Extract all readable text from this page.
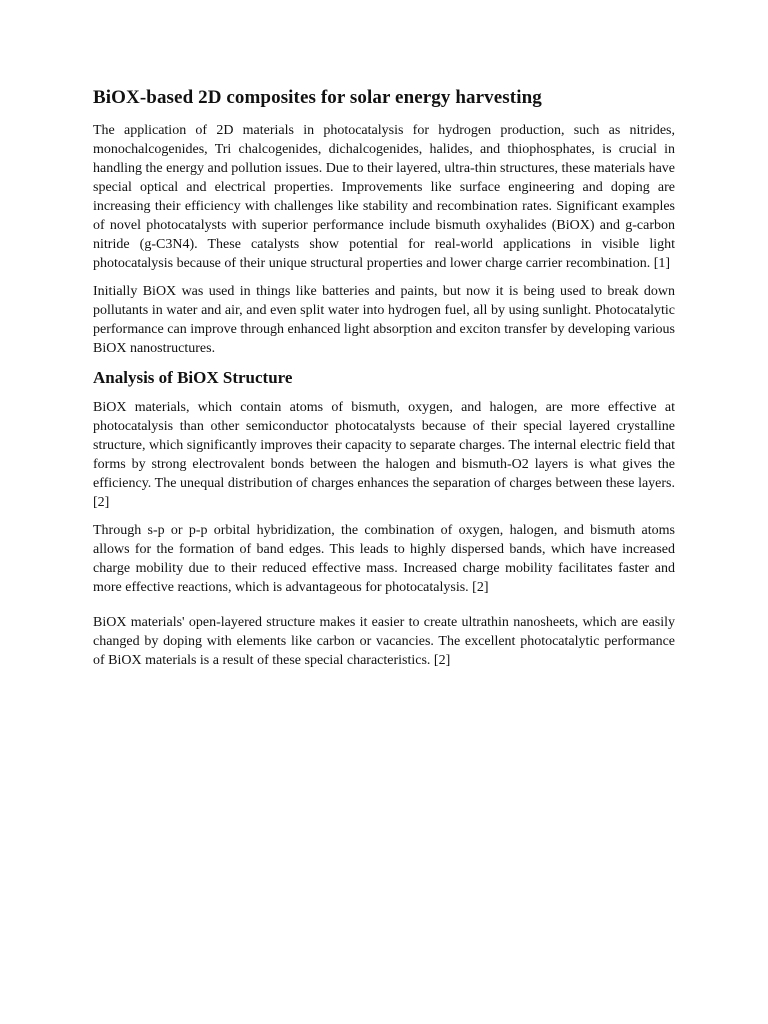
BiOX-based 2D composites for solar energy harvesting

The application of 2D materials in photocatalysis for hydrogen production, such as nitrides, monochalcogenides, Tri chalcogenides, dichalcogenides, halides, and thiophosphates, is crucial in handling the energy and pollution issues. Due to their layered, ultra-thin structures, these materials have special optical and electrical properties. Improvements like surface engineering and doping are increasing their efficiency with challenges like stability and recombination rates. Significant examples of novel photocatalysts with superior performance include bismuth oxyhalides (BiOX) and g-carbon nitride (g-C3N4). These catalysts show potential for real-world applications in visible light photocatalysis because of their unique structural properties and lower charge carrier recombination. [1]

Initially BiOX was used in things like batteries and paints, but now it is being used to break down pollutants in water and air, and even split water into hydrogen fuel, all by using sunlight. Photocatalytic performance can improve through enhanced light absorption and exciton transfer by developing various BiOX nanostructures.

Analysis of BiOX Structure

BiOX materials, which contain atoms of bismuth, oxygen, and halogen, are more effective at photocatalysis than other semiconductor photocatalysts because of their special layered crystalline structure, which significantly improves their capacity to separate charges. The internal electric field that forms by strong electrovalent bonds between the halogen and bismuth-O2 layers is what gives the efficiency. The unequal distribution of charges enhances the separation of charges between these layers. [2]

Through s-p or p-p orbital hybridization, the combination of oxygen, halogen, and bismuth atoms allows for the formation of band edges. This leads to highly dispersed bands, which have increased charge mobility due to their reduced effective mass. Increased charge mobility facilitates faster and more effective reactions, which is advantageous for photocatalysis. [2]

BiOX materials' open-layered structure makes it easier to create ultrathin nanosheets, which are easily changed by doping with elements like carbon or vacancies. The excellent photocatalytic performance of BiOX materials is a result of these special characteristics. [2]
